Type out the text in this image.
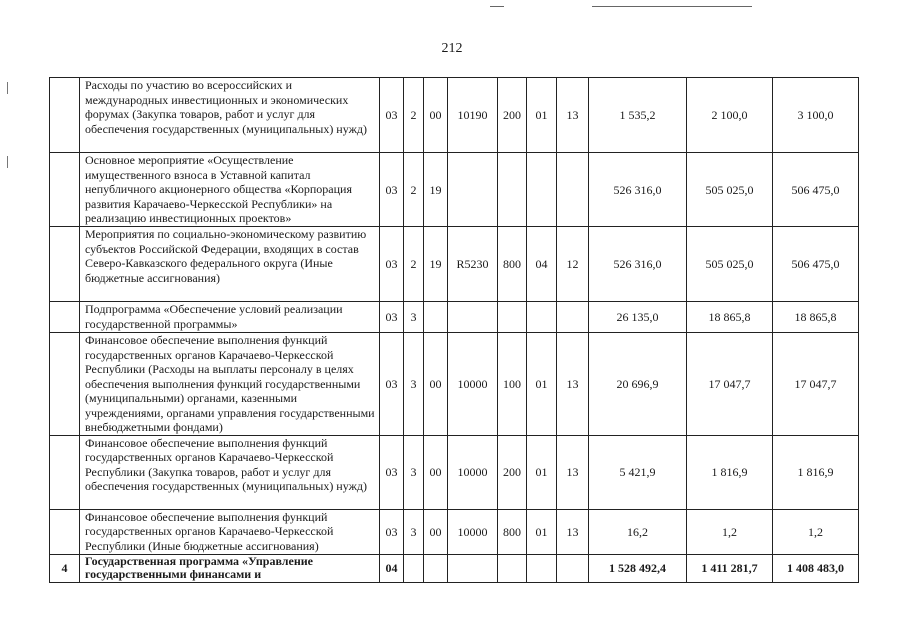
212
	Расходы по участию во всероссийских и международных инвестиционных и экономических форумах (Закупка товаров, работ и услуг для обеспечения государственных (муниципальных) нужд)	03	2	00	10190	200	01	13	1 535,2	2 100,0	3 100,0
	Основное мероприятие «Осуществление имущественного взноса в Уставной капитал непубличного акционерного общества «Корпорация развития Карачаево-Черкесской Республики» на реализацию инвестиционных проектов»	03	2	19					526 316,0	505 025,0	506 475,0
	Мероприятия по социально-экономическому развитию субъектов Российской Федерации, входящих в состав Северо-Кавказского федерального округа (Иные бюджетные ассигнования)	03	2	19	R5230	800	04	12	526 316,0	505 025,0	506 475,0
	Подпрограмма «Обеспечение условий реализации государственной программы»	03	3						26 135,0	18 865,8	18 865,8
	Финансовое обеспечение выполнения функций государственных органов Карачаево-Черкесской Республики (Расходы на выплаты персоналу в целях обеспечения выполнения функций государственными (муниципальными) органами, казенными учреждениями, органами управления государственными внебюджетными фондами)	03	3	00	10000	100	01	13	20 696,9	17 047,7	17 047,7
	Финансовое обеспечение выполнения функций государственных органов Карачаево-Черкесской Республики (Закупка товаров, работ и услуг для обеспечения государственных (муниципальных) нужд)	03	3	00	10000	200	01	13	5 421,9	1 816,9	1 816,9
	Финансовое обеспечение выполнения функций государственных органов Карачаево-Черкесской Республики (Иные бюджетные ассигнования)	03	3	00	10000	800	01	13	16,2	1,2	1,2
4	Государственная программа «Управление государственными финансами и	04							1 528 492,4	1 411 281,7	1 408 483,0
